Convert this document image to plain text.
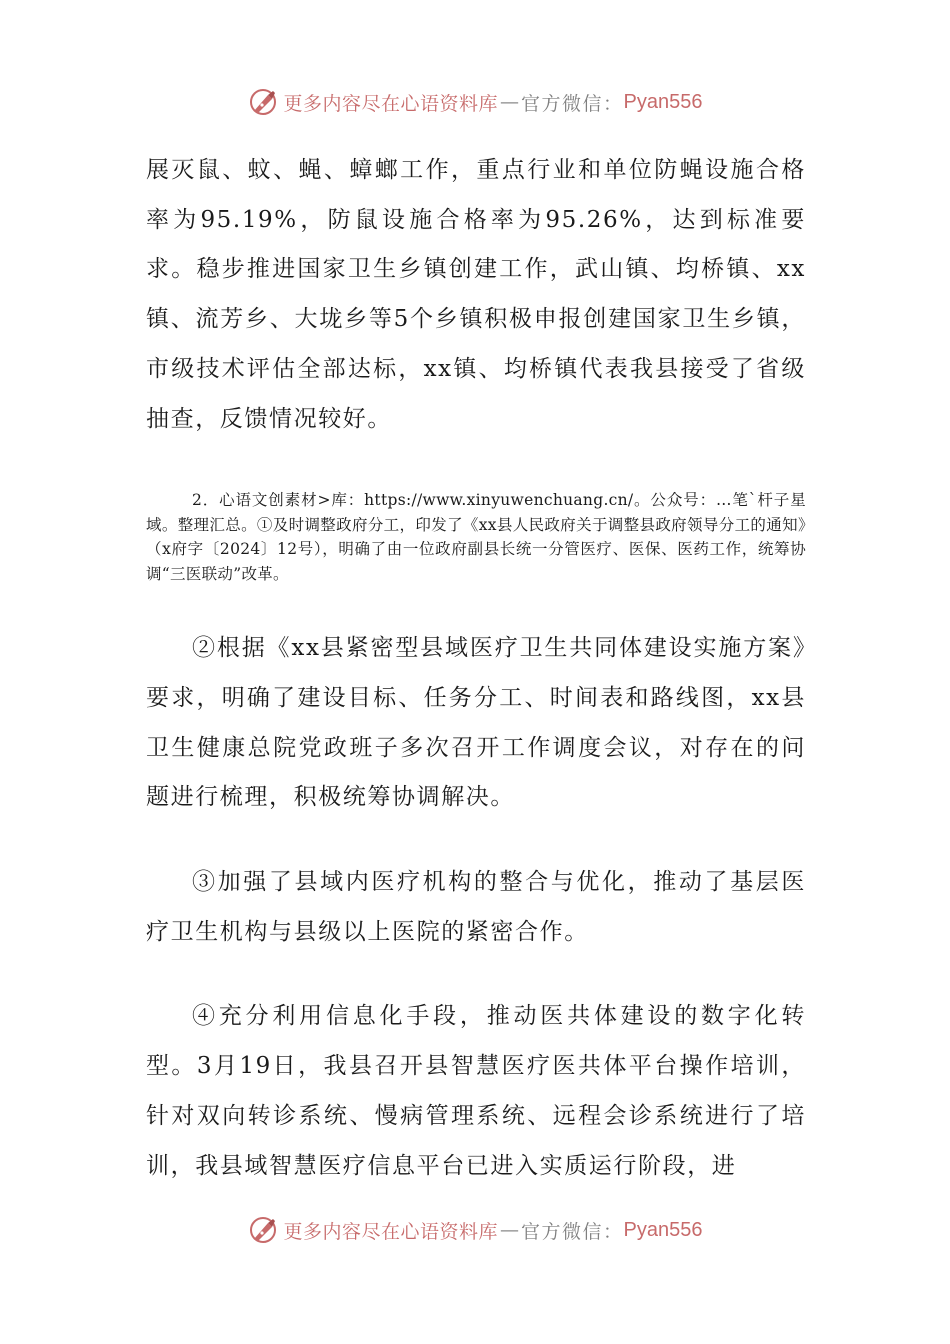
更多内容尽在心语资料库 — 官方微信： Pyan556

展灭鼠、蚊、蝇、蟑螂工作，重点行业和单位防蝇设施合格率为95.19%，防鼠设施合格率为95.26%，达到标准要求。稳步推进国家卫生乡镇创建工作，武山镇、均桥镇、xx镇、流芳乡、大垅乡等5个乡镇积极申报创建国家卫生乡镇，市级技术评估全部达标，xx镇、均桥镇代表我县接受了省级抽查，反馈情况较好。

2．心语文创素材>库：https://www.xinyuwenchuang.cn/。公众号：…笔`杆子星域。整理汇总。①及时调整政府分工，印发了《xx县人民政府关于调整县政府领导分工的通知》（x府字〔2024〕12号），明确了由一位政府副县长统一分管医疗、医保、医药工作，统筹协调“三医联动”改革。

②根据《xx县紧密型县域医疗卫生共同体建设实施方案》要求，明确了建设目标、任务分工、时间表和路线图，xx县卫生健康总院党政班子多次召开工作调度会议，对存在的问题进行梳理，积极统筹协调解决。

③加强了县域内医疗机构的整合与优化，推动了基层医疗卫生机构与县级以上医院的紧密合作。

④充分利用信息化手段，推动医共体建设的数字化转型。3月19日，我县召开县智慧医疗医共体平台操作培训，针对双向转诊系统、慢病管理系统、远程会诊系统进行了培训，我县域智慧医疗信息平台已进入实质运行阶段，进

更多内容尽在心语资料库 — 官方微信： Pyan556
